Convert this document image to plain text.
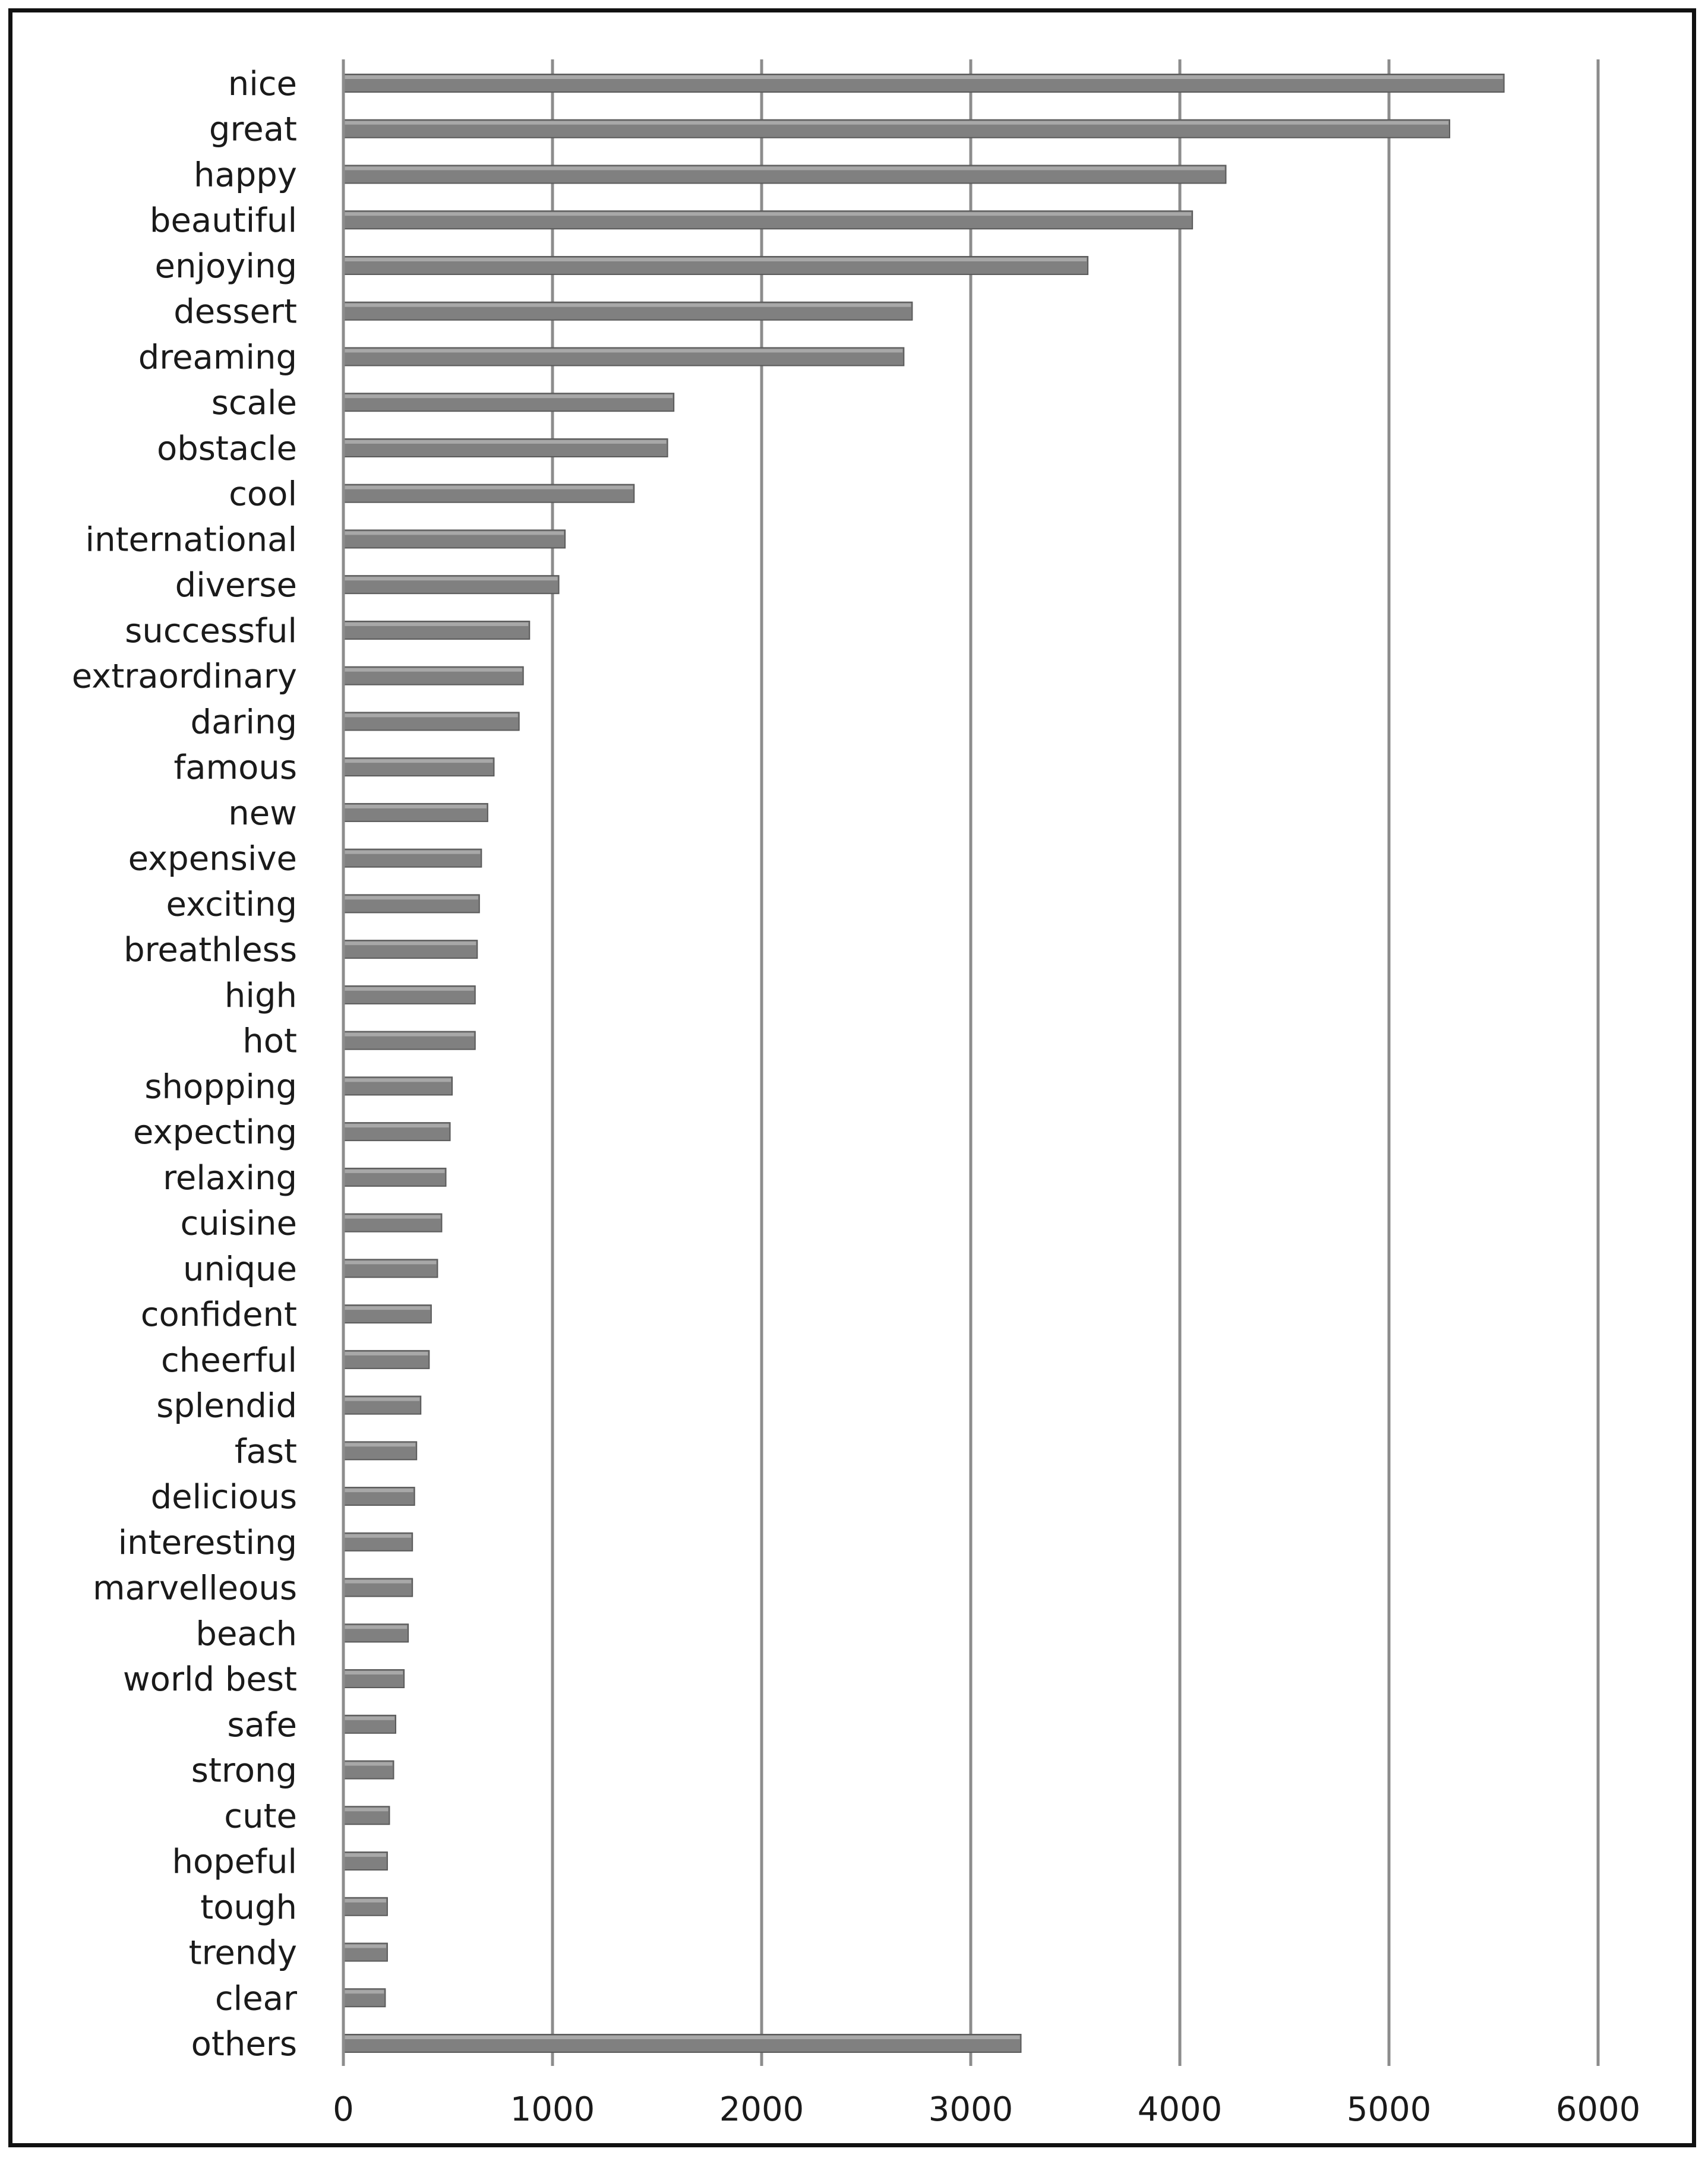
nice
great
happy
beautiful
enjoying
dessert
dreaming
scale
obstacle
cool
international
diverse
successful
extraordinary
daring
famous
new
expensive
exciting
breathless
high
hot
shopping
expecting
relaxing
cuisine
unique
confident
cheerful
splendid
fast
delicious
interesting
marvelleous
beach
world best
safe
strong
cute
hopeful
tough
trendy
clear
others
0	1000	2000	3000	4000	5000	6000
